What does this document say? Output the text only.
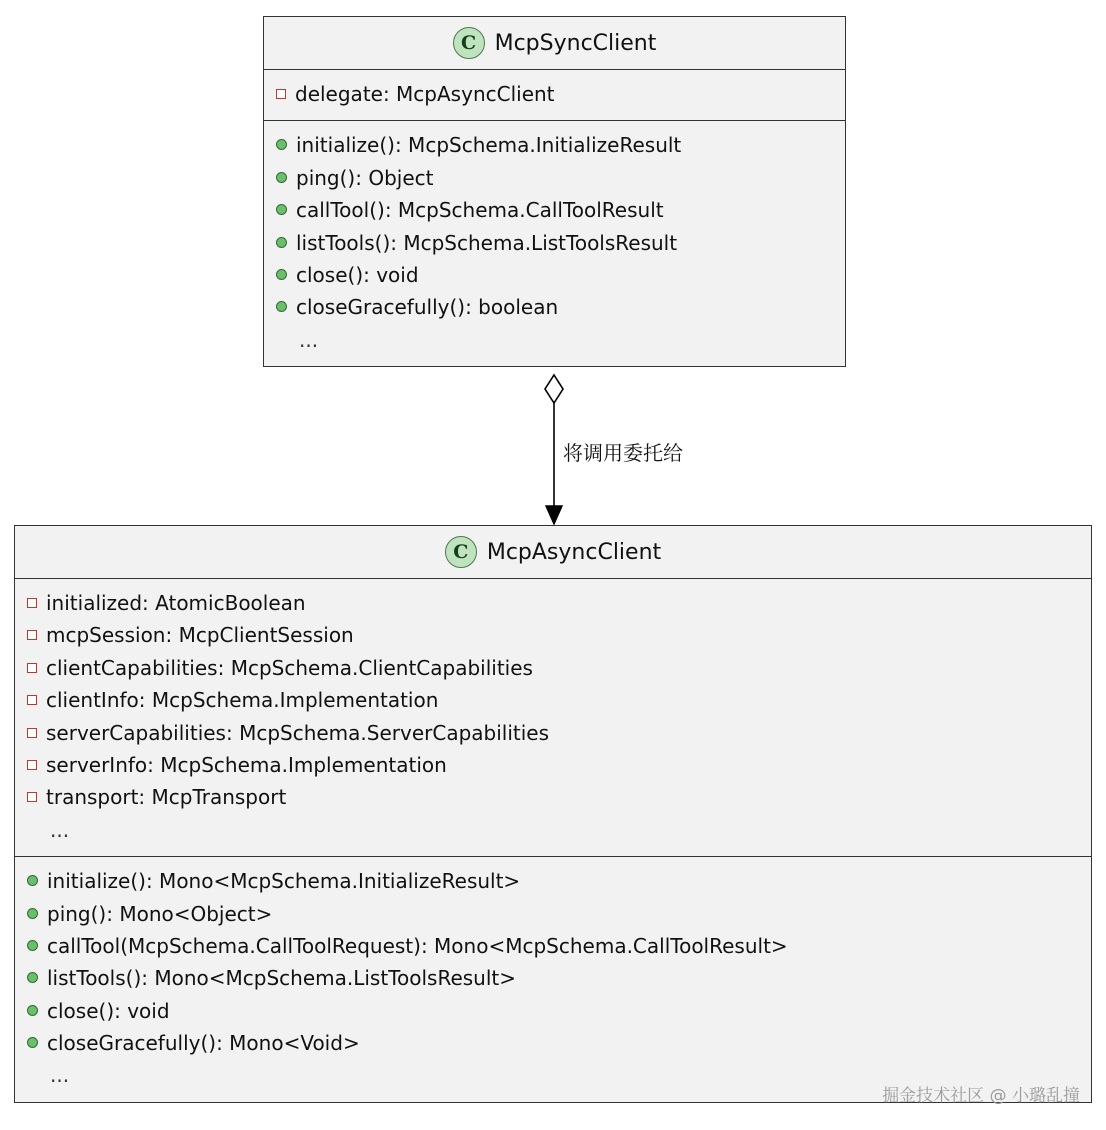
将调用委托给
C McpSyncClient
delegate: McpAsyncClient
initialize(): McpSchema.InitializeResult
ping(): Object
callTool(): McpSchema.CallToolResult
listTools(): McpSchema.ListToolsResult
close(): void
closeGracefully(): boolean
...
C McpAsyncClient
initialized: AtomicBoolean
mcpSession: McpClientSession
clientCapabilities: McpSchema.ClientCapabilities
clientInfo: McpSchema.Implementation
serverCapabilities: McpSchema.ServerCapabilities
serverInfo: McpSchema.Implementation
transport: McpTransport
...
initialize(): Mono<McpSchema.InitializeResult>
ping(): Mono<Object>
callTool(McpSchema.CallToolRequest): Mono<McpSchema.CallToolResult>
listTools(): Mono<McpSchema.ListToolsResult>
close(): void
closeGracefully(): Mono<Void>
...
掘金技术社区 @ 小璐乱撞
